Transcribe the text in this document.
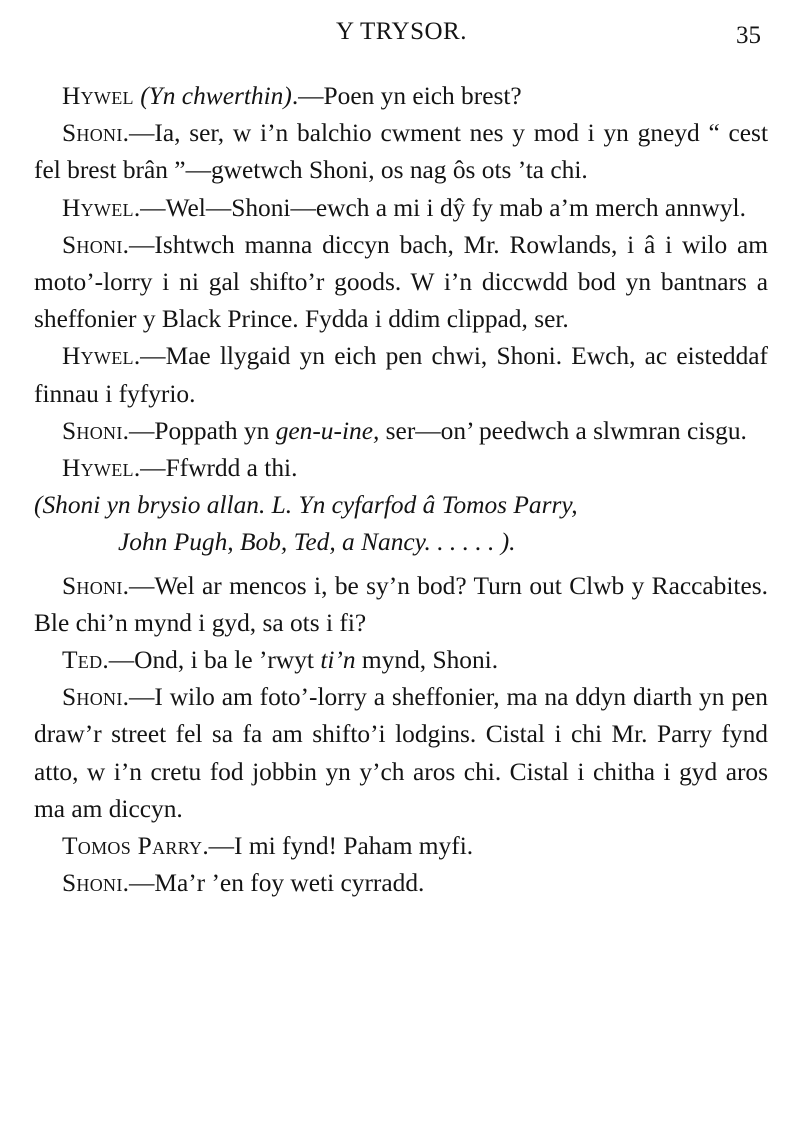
Y TRYSOR.	35

Hywel (Yn chwerthin).—Poen yn eich brest?

Shoni.—Ia, ser, w i’n balchio cwment nes y mod i yn gneyd “ cest fel brest brân ”—gwetwch Shoni, os nag ôs ots ’ta chi.

Hywel.—Wel—Shoni—ewch a mi i dŷ fy mab a’m merch annwyl.

Shoni.—Ishtwch manna diccyn bach, Mr. Rowlands, i â i wilo am moto’-lorry i ni gal shifto’r goods. W i’n diccwdd bod yn bantnars a sheffonier y Black Prince. Fydda i ddim clippad, ser.

Hywel.—Mae llygaid yn eich pen chwi, Shoni. Ewch, ac eisteddaf finnau i fyfyrio.

Shoni.—Poppath yn gen-u-ine, ser—on’ peedwch a slwmran cisgu.

Hywel.—Ffwrdd a thi.

(Shoni yn brysio allan. L. Yn cyfarfod â Tomos Parry,
John Pugh, Bob, Ted, a Nancy. . . . . . ).

Shoni.—Wel ar mencos i, be sy’n bod? Turn out Clwb y Raccabites. Ble chi’n mynd i gyd, sa ots i fi?

Ted.—Ond, i ba le ’rwyt ti’n mynd, Shoni.

Shoni.—I wilo am foto’-lorry a sheffonier, ma na ddyn diarth yn pen draw’r street fel sa fa am shifto’i lodgins. Cistal i chi Mr. Parry fynd atto, w i’n cretu fod jobbin yn y’ch aros chi. Cistal i chitha i gyd aros ma am diccyn.

Tomos Parry.—I mi fynd! Paham myfi.

Shoni.—Ma’r ’en foy weti cyrradd.
